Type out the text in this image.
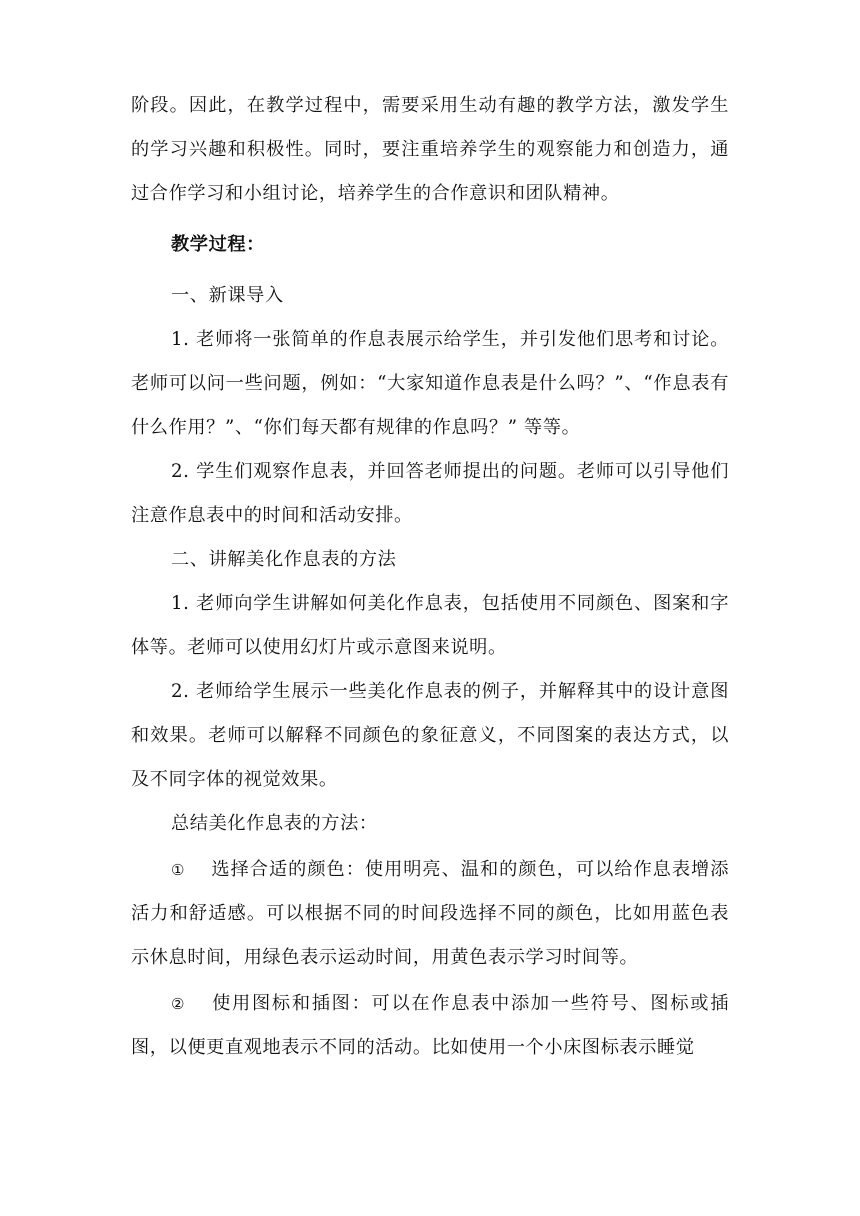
阶段。因此，在教学过程中，需要采用生动有趣的教学方法，激发学生的学习兴趣和积极性。同时，要注重培养学生的观察能力和创造力，通过合作学习和小组讨论，培养学生的合作意识和团队精神。

教学过程：

一、新课导入

1. 老师将一张简单的作息表展示给学生，并引发他们思考和讨论。老师可以问一些问题，例如：“大家知道作息表是什么吗？”、“作息表有什么作用？”、“你们每天都有规律的作息吗？” 等等。

2. 学生们观察作息表，并回答老师提出的问题。老师可以引导他们注意作息表中的时间和活动安排。

二、讲解美化作息表的方法

1. 老师向学生讲解如何美化作息表，包括使用不同颜色、图案和字体等。老师可以使用幻灯片或示意图来说明。

2. 老师给学生展示一些美化作息表的例子，并解释其中的设计意图和效果。老师可以解释不同颜色的象征意义，不同图案的表达方式，以及不同字体的视觉效果。

总结美化作息表的方法：

① 选择合适的颜色：使用明亮、温和的颜色，可以给作息表增添活力和舒适感。可以根据不同的时间段选择不同的颜色，比如用蓝色表示休息时间，用绿色表示运动时间，用黄色表示学习时间等。

② 使用图标和插图：可以在作息表中添加一些符号、图标或插图，以便更直观地表示不同的活动。比如使用一个小床图标表示睡觉
